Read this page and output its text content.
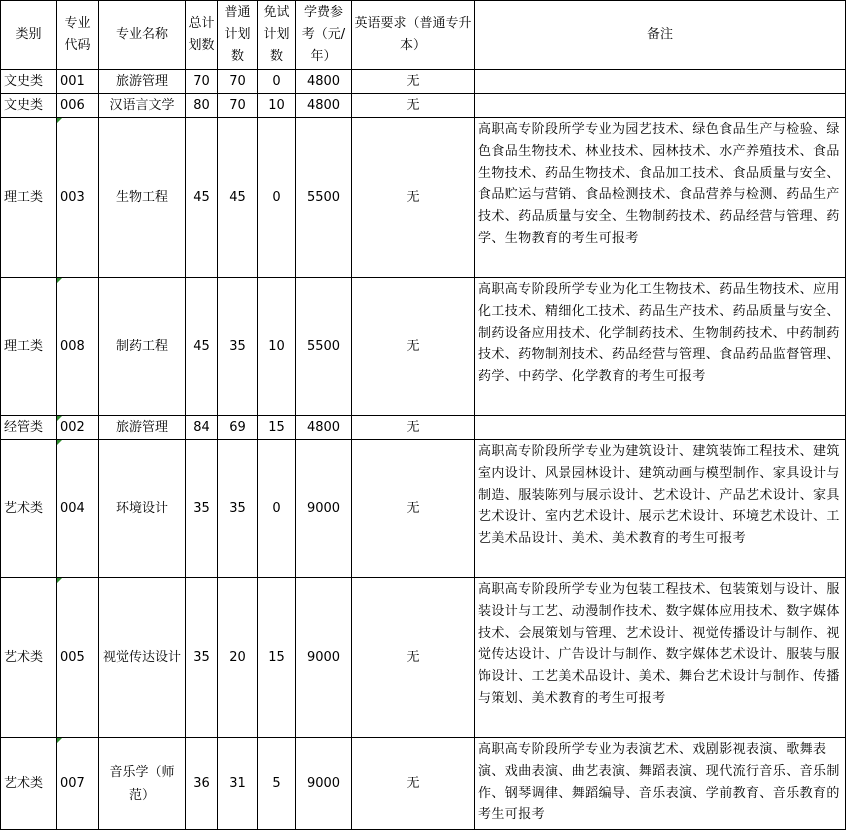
类别	专业代码	专业名称	总计划数	普通计划数	免试计划数	学费参考（元/年）	英语要求（普通专升本）	备注
文史类	001	旅游管理	70	70	0	4800	无	
文史类	006	汉语言文学	80	70	10	4800	无	
理工类	003	生物工程	45	45	0	5500	无	高职高专阶段所学专业为园艺技术、绿色食品生产与检验、绿色食品生物技术、林业技术、园林技术、水产养殖技术、食品生物技术、药品生物技术、食品加工技术、食品质量与安全、食品贮运与营销、食品检测技术、食品营养与检测、药品生产技术、药品质量与安全、生物制药技术、药品经营与管理、药学、生物教育的考生可报考
理工类	008	制药工程	45	35	10	5500	无	高职高专阶段所学专业为化工生物技术、药品生物技术、应用化工技术、精细化工技术、药品生产技术、药品质量与安全、制药设备应用技术、化学制药技术、生物制药技术、中药制药技术、药物制剂技术、药品经营与管理、食品药品监督管理、药学、中药学、化学教育的考生可报考
经管类	002	旅游管理	84	69	15	4800	无	
艺术类	004	环境设计	35	35	0	9000	无	高职高专阶段所学专业为建筑设计、建筑装饰工程技术、建筑室内设计、风景园林设计、建筑动画与模型制作、家具设计与制造、服装陈列与展示设计、艺术设计、产品艺术设计、家具艺术设计、室内艺术设计、展示艺术设计、环境艺术设计、工艺美术品设计、美术、美术教育的考生可报考
艺术类	005	视觉传达设计	35	20	15	9000	无	高职高专阶段所学专业为包装工程技术、包装策划与设计、服装设计与工艺、动漫制作技术、数字媒体应用技术、数字媒体技术、会展策划与管理、艺术设计、视觉传播设计与制作、视觉传达设计、广告设计与制作、数字媒体艺术设计、服装与服饰设计、工艺美术品设计、美术、舞台艺术设计与制作、传播与策划、美术教育的考生可报考
艺术类	007	音乐学（师范）	36	31	5	9000	无	高职高专阶段所学专业为表演艺术、戏剧影视表演、歌舞表演、戏曲表演、曲艺表演、舞蹈表演、现代流行音乐、音乐制作、钢琴调律、舞蹈编导、音乐表演、学前教育、音乐教育的考生可报考
